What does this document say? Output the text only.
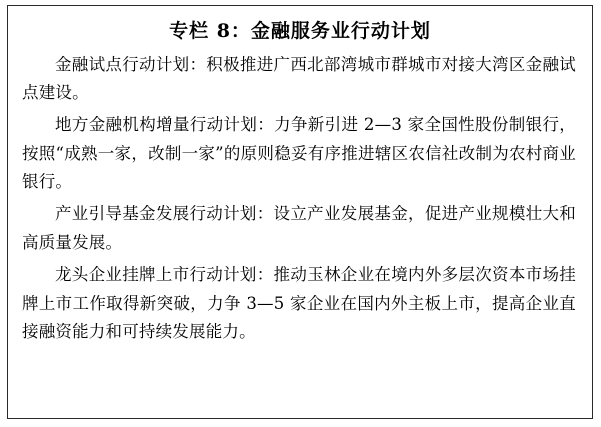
专栏 8：金融服务业行动计划

金融试点行动计划：积极推进广西北部湾城市群城市对接大湾区金融试点建设。

地方金融机构增量行动计划：力争新引进 2—3 家全国性股份制银行，按照“成熟一家，改制一家”的原则稳妥有序推进辖区农信社改制为农村商业银行。

产业引导基金发展行动计划：设立产业发展基金，促进产业规模壮大和高质量发展。

龙头企业挂牌上市行动计划：推动玉林企业在境内外多层次资本市场挂牌上市工作取得新突破，力争 3—5 家企业在国内外主板上市，提高企业直接融资能力和可持续发展能力。
